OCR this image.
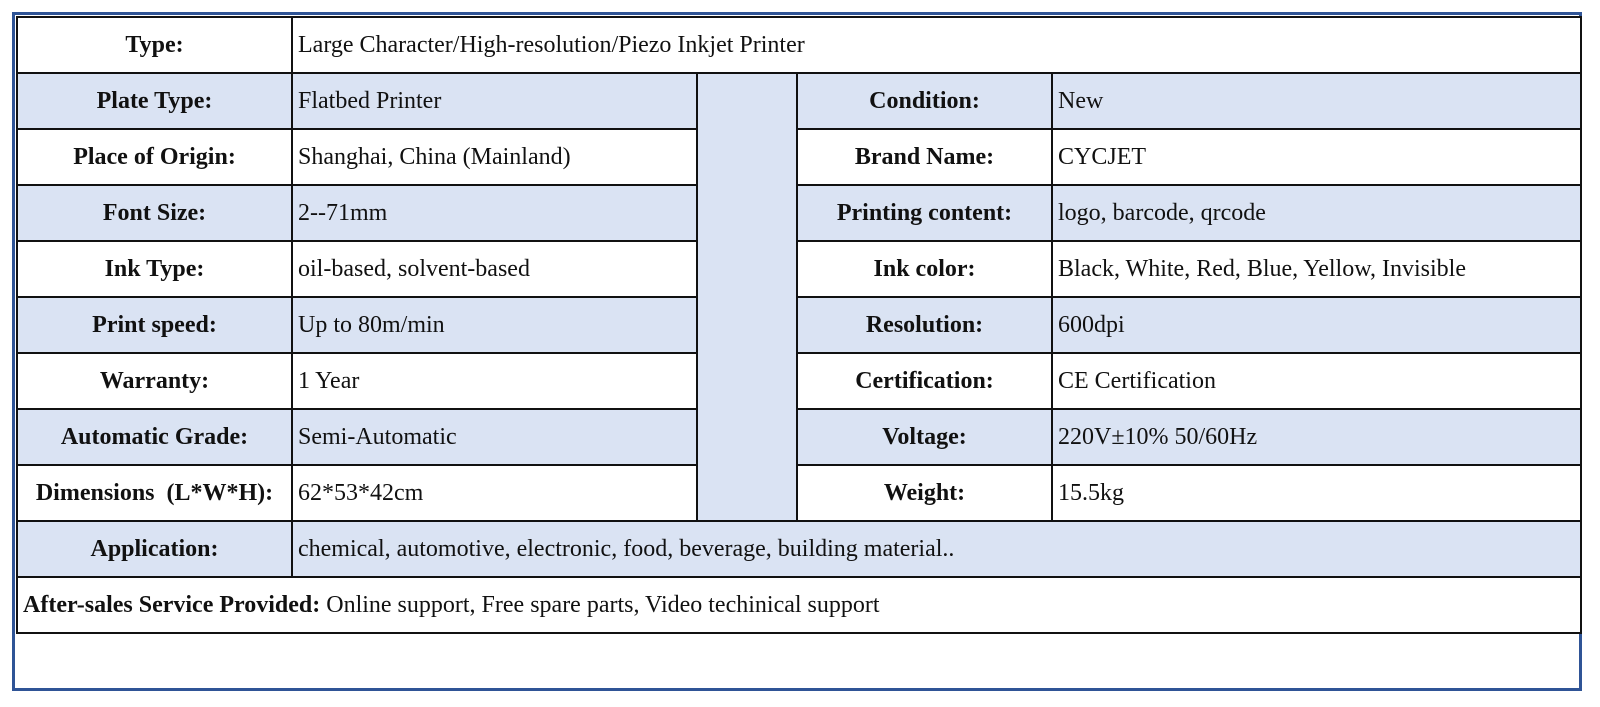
Type:	Large Character/High-resolution/Piezo Inkjet Printer			
Plate Type:	Flatbed Printer		Condition:	New
Place of Origin:	Shanghai, China (Mainland)		Brand Name:	CYCJET
Font Size:	2--71mm		Printing content:	logo, barcode, qrcode
Ink Type:	oil-based, solvent-based		Ink color:	Black, White, Red, Blue, Yellow, Invisible
Print speed:	Up to 80m/min		Resolution:	600dpi
Warranty:	1 Year		Certification:	CE Certification
Automatic Grade:	Semi-Automatic		Voltage:	220V±10% 50/60Hz
Dimensions  (L*W*H):	62*53*42cm		Weight:	15.5kg
Application:	chemical, automotive, electronic, food, beverage, building material..			
After-sales Service Provided: Online support, Free spare parts, Video techinical support				
